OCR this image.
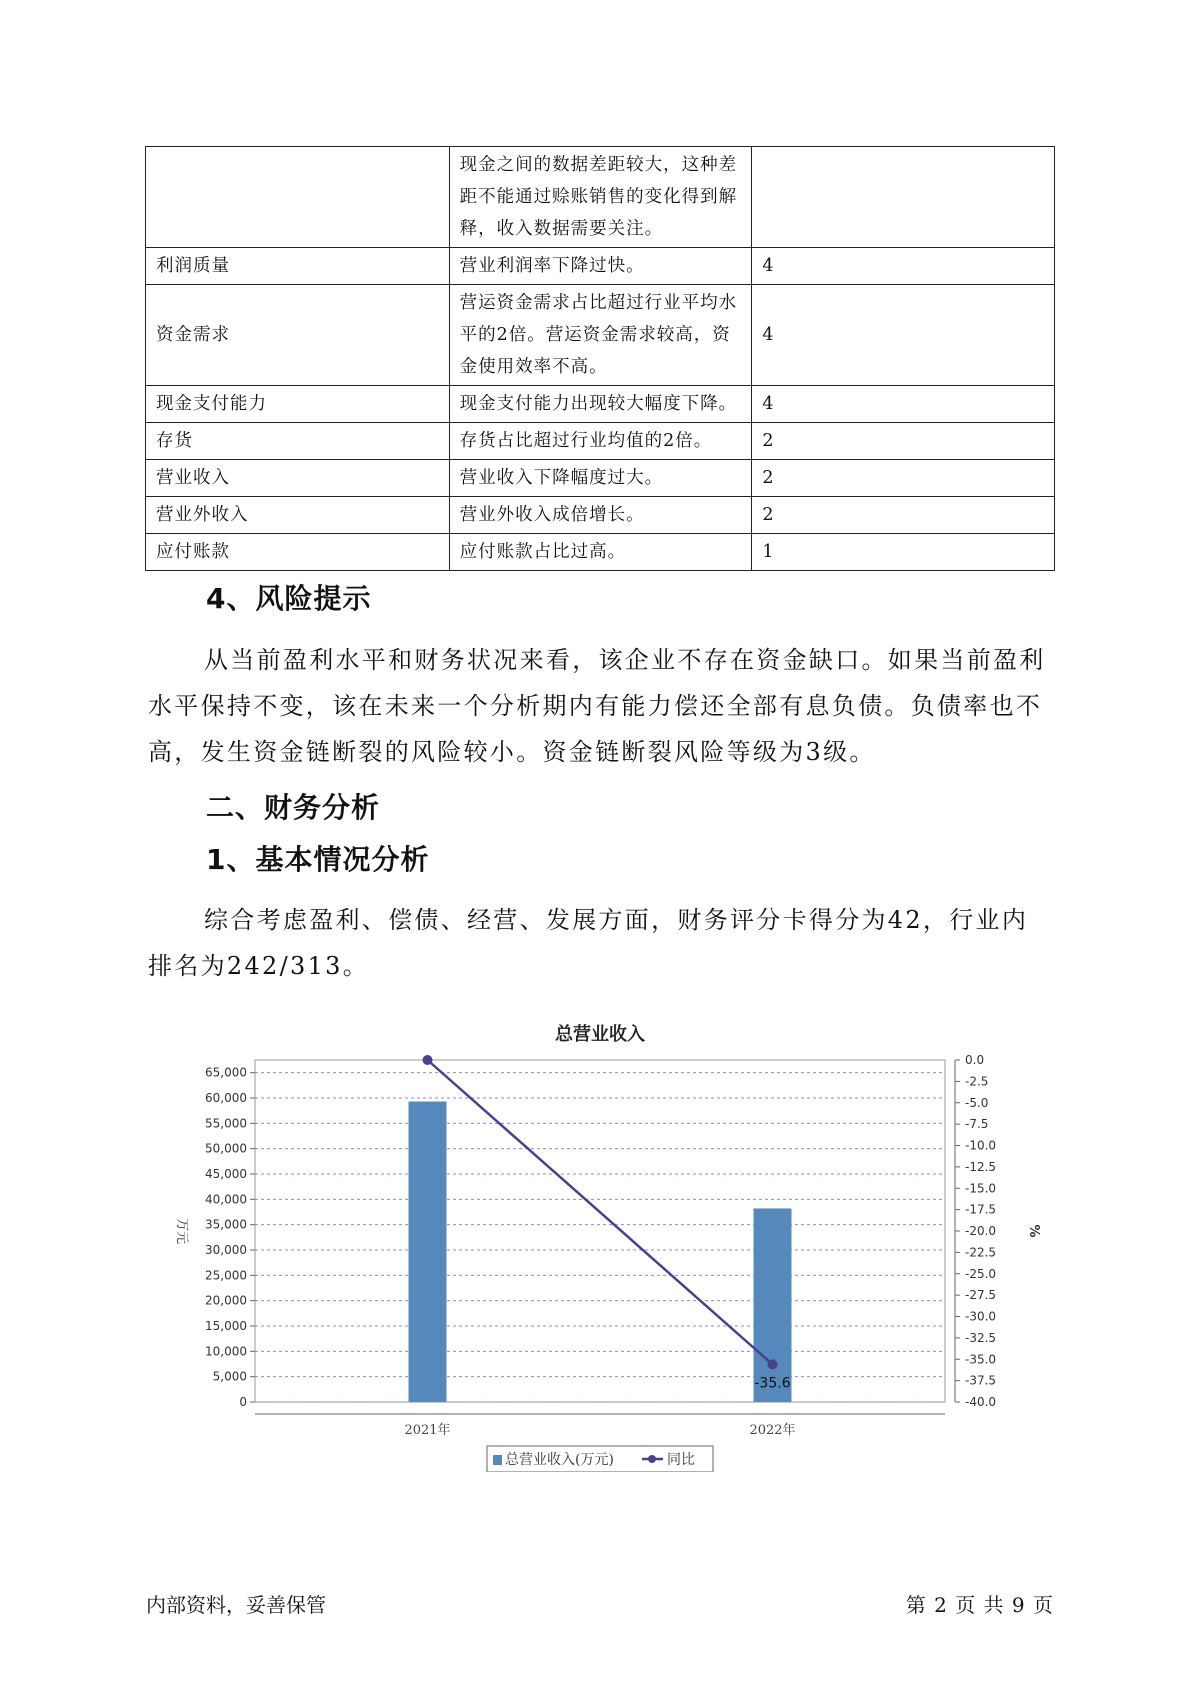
	现金之间的数据差距较大，这种差距不能通过赊账销售的变化得到解释，收入数据需要关注。	
利润质量	营业利润率下降过快。	4
资金需求	营运资金需求占比超过行业平均水平的2倍。营运资金需求较高，资金使用效率不高。	4
现金支付能力	现金支付能力出现较大幅度下降。	4
存货	存货占比超过行业均值的2倍。	2
营业收入	营业收入下降幅度过大。	2
营业外收入	营业外收入成倍增长。	2
应付账款	应付账款占比过高。	1
4、风险提示

从当前盈利水平和财务状况来看，该企业不存在资金缺口。如果当前盈利水平保持不变，该在未来一个分析期内有能力偿还全部有息负债。负债率也不高，发生资金链断裂的风险较小。资金链断裂风险等级为3级。

二、财务分析
1、基本情况分析

综合考虑盈利、偿债、经营、发展方面，财务评分卡得分为42，行业内排名为242/313。

总营业收入
0
5,000
10,000
15,000
20,000
25,000
30,000
35,000
40,000
45,000
50,000
55,000
60,000
65,000
-40.0
-37.5
-35.0
-32.5
-30.0
-27.5
-25.0
-22.5
-20.0
-17.5
-15.0
-12.5
-10.0
-7.5
-5.0
-2.5
0.0
万元	%
2021年	2022年
-35.6
总营业收入(万元)	同比
内部资料，妥善保管	第 2 页 共 9 页
